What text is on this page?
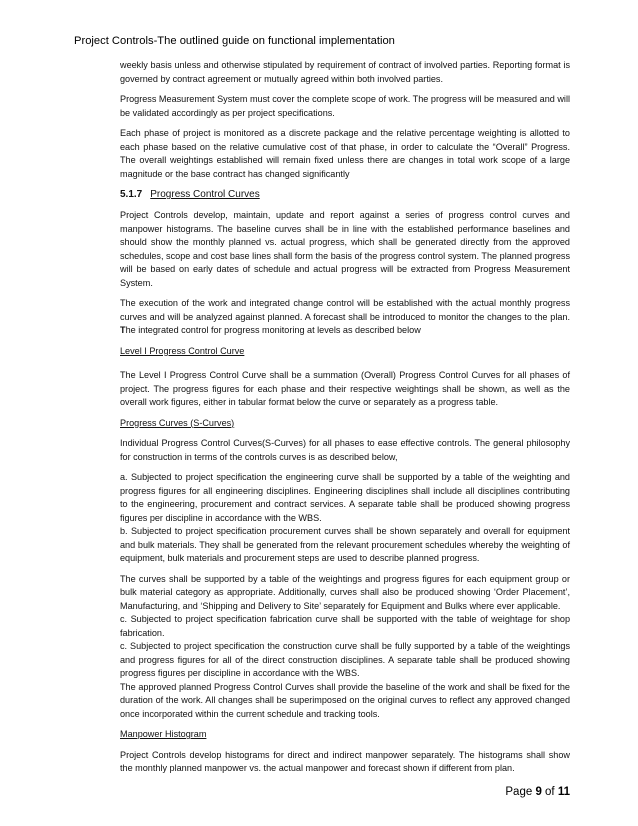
Project Controls-The outlined guide on functional implementation

weekly basis unless and otherwise stipulated by requirement of contract of involved parties. Reporting format is governed by contract agreement or mutually agreed within both involved parties.

Progress Measurement System must cover the complete scope of work. The progress will be measured and will be validated accordingly as per project specifications.

Each phase of project is monitored as a discrete package and the relative percentage weighting is allotted to each phase based on the relative cumulative cost of that phase, in order to calculate the “Overall” Progress. The overall weightings established will remain fixed unless there are changes in total work scope of a large magnitude or the base contract has changed significantly

5.1.7 Progress Control Curves

Project Controls develop, maintain, update and report against a series of progress control curves and manpower histograms. The baseline curves shall be in line with the established performance baselines and should show the monthly planned vs. actual progress, which shall be generated directly from the approved schedules, scope and cost base lines shall form the basis of the progress control system. The planned progress will be based on early dates of schedule and actual progress will be extracted from Progress Measurement System.

The execution of the work and integrated change control will be established with the actual monthly progress curves and will be analyzed against planned. A forecast shall be introduced to monitor the changes to the plan. The integrated control for progress monitoring at levels as described below

Level I Progress Control Curve

The Level I Progress Control Curve shall be a summation (Overall) Progress Control Curves for all phases of project. The progress figures for each phase and their respective weightings shall be shown, as well as the overall work figures, either in tabular format below the curve or separately as a progress table.

Progress Curves (S-Curves)

Individual Progress Control Curves(S-Curves) for all phases to ease effective controls. The general philosophy for construction in terms of the controls curves is as described below,

a. Subjected to project specification the engineering curve shall be supported by a table of the weighting and progress figures for all engineering disciplines. Engineering disciplines shall include all disciplines contributing to the engineering, procurement and contract services. A separate table shall be produced showing progress figures per discipline in accordance with the WBS.

b. Subjected to project specification procurement curves shall be shown separately and overall for equipment and bulk materials. They shall be generated from the relevant procurement schedules whereby the weighting of equipment, bulk materials and procurement steps are used to describe planned progress.

The curves shall be supported by a table of the weightings and progress figures for each equipment group or bulk material category as appropriate. Additionally, curves shall also be produced showing ‘Order Placement’, Manufacturing, and ‘Shipping and Delivery to Site’ separately for Equipment and Bulks where ever applicable.

c. Subjected to project specification fabrication curve shall be supported with the table of weightage for shop fabrication.

c. Subjected to project specification the construction curve shall be fully supported by a table of the weightings and progress figures for all of the direct construction disciplines. A separate table shall be produced showing progress figures per discipline in accordance with the WBS.

The approved planned Progress Control Curves shall provide the baseline of the work and shall be fixed for the duration of the work. All changes shall be superimposed on the original curves to reflect any approved changed once incorporated within the current schedule and tracking tools.

Manpower Histogram

Project Controls develop histograms for direct and indirect manpower separately. The histograms shall show the monthly planned manpower vs. the actual manpower and forecast shown if different from plan.

Page 9 of 11
